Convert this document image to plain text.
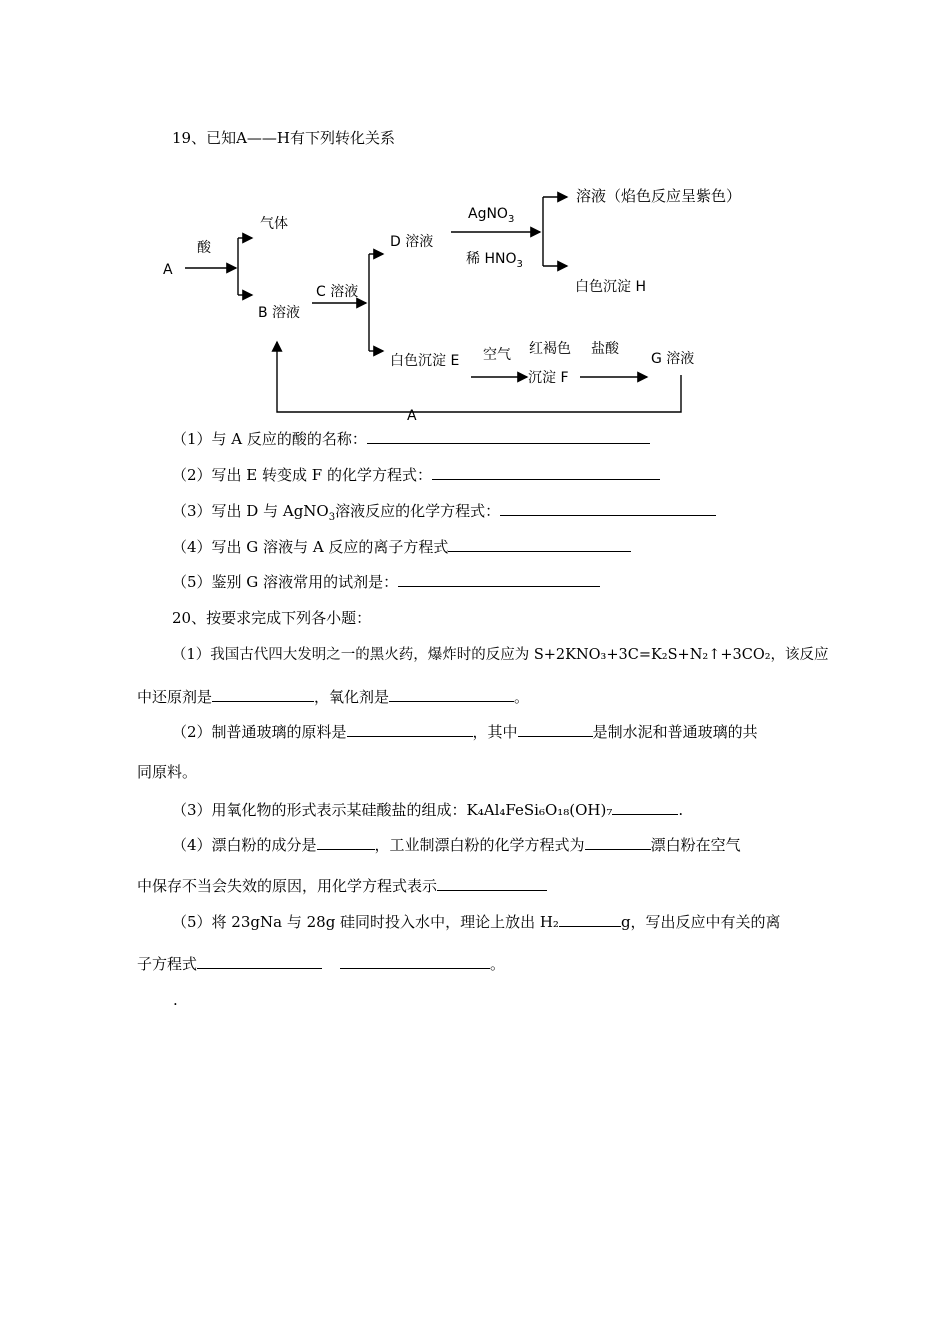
19、已知A——H有下列转化关系
A
酸
气体
B 溶液
C 溶液
D 溶液
AgNO$_3$
稀 $HNO_3$
溶液（焰色反应呈紫色）
白色沉淀 H
白色沉淀 E 空气 红褐色
沉淀 F
盐酸
G 溶液
A
（1）与 A 反应的酸的名称：
（2）写出 E 转变成 F 的化学方程式：
（3）写出 D 与 AgNO$_3$溶液反应的化学方程式：
（4）写出 G 溶液与 A 反应的离子方程式
（5）鉴别 G 溶液常用的试剂是：
20、按要求完成下列各小题：
（1）我国古代四大发明之一的黑火药，爆炸时的反应为 S+2KNO₃+3C=K₂S+N₂↑+3CO₂，该反应
中还原剂是	，氧化剂是	。
（2）制普通玻璃的原料是	，其中	是制水泥和普通玻璃的共
同原料。
（3）用氧化物的形式表示某硅酸盐的组成：K₄Al₄FeSi₆O₁₈(OH)₇	.
（4）漂白粉的成分是	，工业制漂白粉的化学方程式为	漂白粉在空气
中保存不当会失效的原因，用化学方程式表示
（5）将 23gNa 与 28g 硅同时投入水中，理论上放出 H₂	g，写出反应中有关的离
子方程式	。
.
